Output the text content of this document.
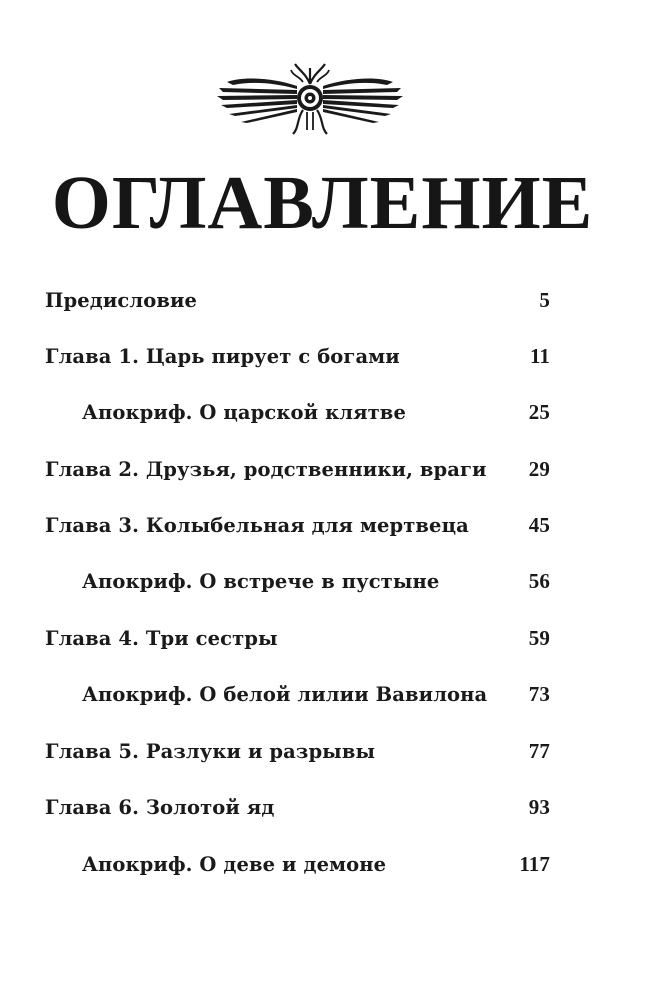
ОГЛАВЛЕНИЕ
Предисловие	5
Глава 1. Царь пирует с богами	11
Апокриф. О царской клятве	25
Глава 2. Друзья, родственники, враги 29
Глава 3. Колыбельная для мертвеца	45
Апокриф. О встрече в пустыне	56
Глава 4. Три сестры	59
Апокриф. О белой лилии Вавилона 73
Глава 5. Разлуки и разрывы	77
Глава 6. Золотой яд	93
Апокриф. О деве и демоне	117
